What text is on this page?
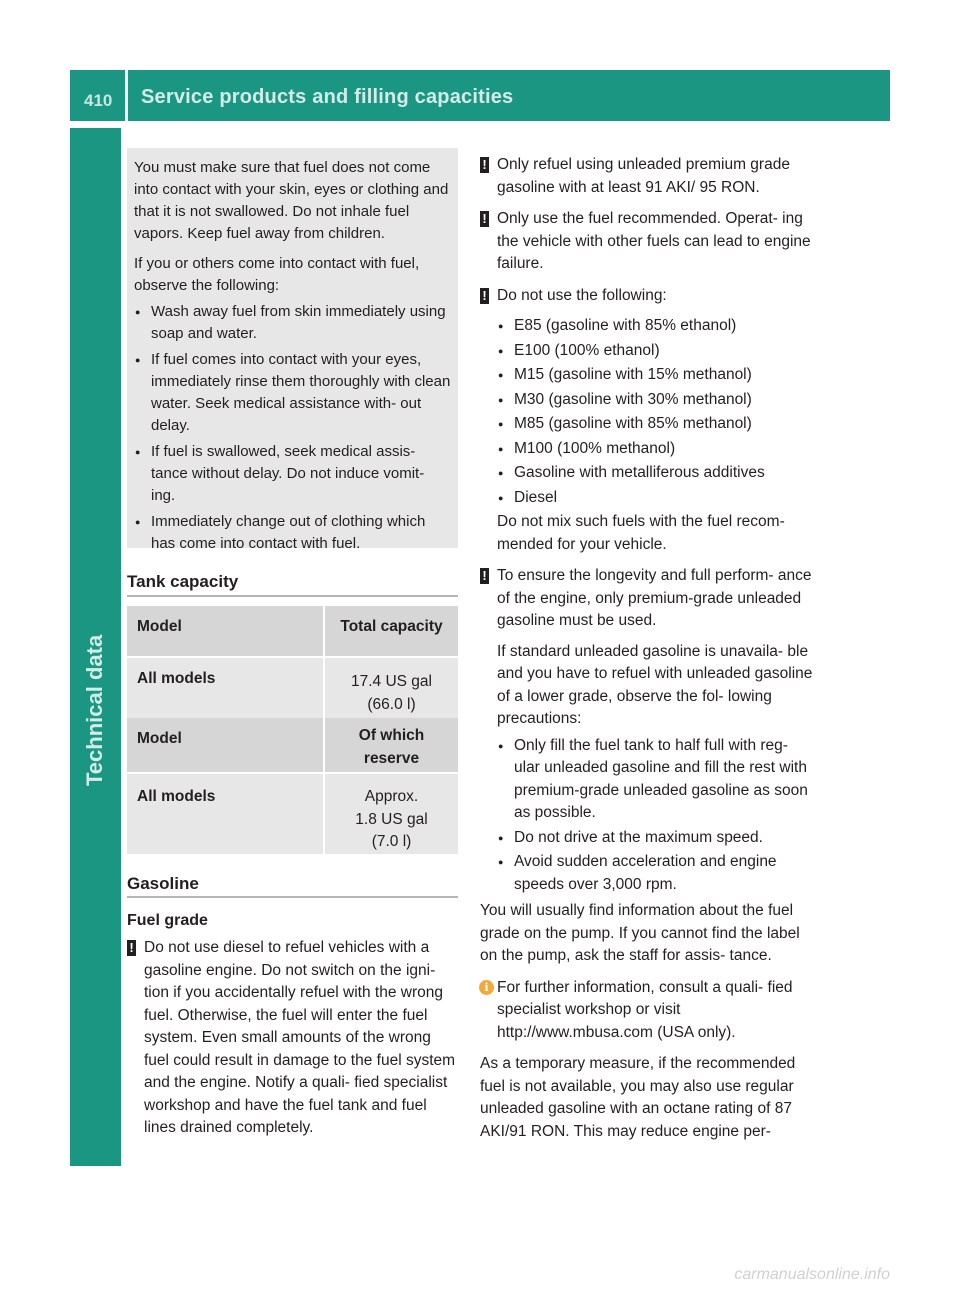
410	Service products and filling capacities
Technical data

You must make sure that fuel does not come into contact with your skin, eyes or clothing and that it is not swallowed. Do not inhale fuel vapors. Keep fuel away from children.

If you or others come into contact with fuel, observe the following:

● Wash away fuel from skin immediately using soap and water.
● If fuel comes into contact with your eyes, immediately rinse them thoroughly with clean water. Seek medical assistance with- out delay.
● If fuel is swallowed, seek medical assis- tance without delay. Do not induce vomit- ing.
● Immediately change out of clothing which has come into contact with fuel.
Tank capacity
Model	Total capacity

All models	17.4 US gal
(66.0 l)
Model	Of which
reserve

All models	Approx.
1.8 US gal
(7.0 l)
Gasoline
Fuel grade
! Do not use diesel to refuel vehicles with a gasoline engine. Do not switch on the igni- tion if you accidentally refuel with the wrong fuel. Otherwise, the fuel will enter the fuel system. Even small amounts of the wrong fuel could result in damage to the fuel system and the engine. Notify a quali- fied specialist workshop and have the fuel tank and fuel lines drained completely.
! Only refuel using unleaded premium grade gasoline with at least 91 AKI/ 95 RON.
! Only use the fuel recommended. Operat- ing the vehicle with other fuels can lead to engine failure.
! Do not use the following:
● E85 (gasoline with 85% ethanol)
● E100 (100% ethanol)
● M15 (gasoline with 15% methanol)
● M30 (gasoline with 30% methanol)
● M85 (gasoline with 85% methanol)
● M100 (100% methanol)
● Gasoline with metalliferous additives
● Diesel
Do not mix such fuels with the fuel recom- mended for your vehicle.
! To ensure the longevity and full perform- ance of the engine, only premium-grade unleaded gasoline must be used.
If standard unleaded gasoline is unavaila- ble and you have to refuel with unleaded gasoline of a lower grade, observe the fol- lowing precautions:
● Only fill the fuel tank to half full with reg- ular unleaded gasoline and fill the rest with premium-grade unleaded gasoline as soon as possible.
● Do not drive at the maximum speed.
● Avoid sudden acceleration and engine speeds over 3,000 rpm.
You will usually find information about the fuel grade on the pump. If you cannot find the label on the pump, ask the staff for assis- tance.
i For further information, consult a quali- fied specialist workshop or visit http://www.mbusa.com (USA only).
As a temporary measure, if the recommended fuel is not available, you may also use regular unleaded gasoline with an octane rating of 87 AKI/91 RON. This may reduce engine per-
carmanualsonline.info
